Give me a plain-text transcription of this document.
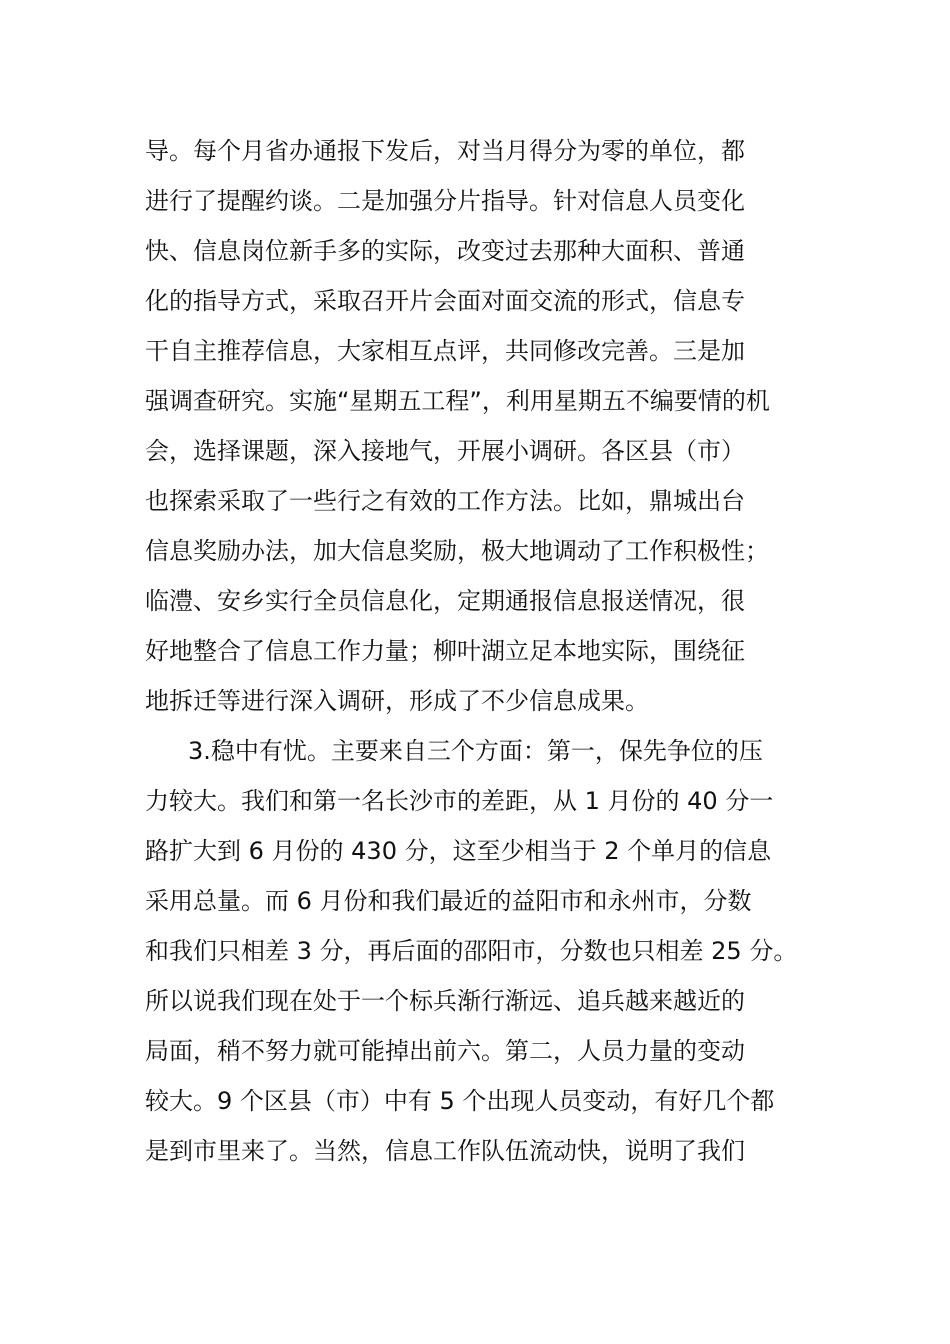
导。每个月省办通报下发后，对当月得分为零的单位，都
进行了提醒约谈。二是加强分片指导。针对信息人员变化
快、信息岗位新手多的实际，改变过去那种大面积、普通
化的指导方式，采取召开片会面对面交流的形式，信息专
干自主推荐信息，大家相互点评，共同修改完善。三是加
强调查研究。实施“星期五工程”，利用星期五不编要情的机
会，选择课题，深入接地气，开展小调研。各区县（市）
也探索采取了一些行之有效的工作方法。比如，鼎城出台
信息奖励办法，加大信息奖励，极大地调动了工作积极性；
临澧、安乡实行全员信息化，定期通报信息报送情况，很
好地整合了信息工作力量；柳叶湖立足本地实际，围绕征
地拆迁等进行深入调研，形成了不少信息成果。
3.稳中有忧。主要来自三个方面：第一，保先争位的压
力较大。我们和第一名长沙市的差距，从 1 月份的 40 分一
路扩大到 6 月份的 430 分，这至少相当于 2 个单月的信息
采用总量。而 6 月份和我们最近的益阳市和永州市，分数
和我们只相差 3 分，再后面的邵阳市，分数也只相差 25 分。
所以说我们现在处于一个标兵渐行渐远、追兵越来越近的
局面，稍不努力就可能掉出前六。第二，人员力量的变动
较大。9 个区县（市）中有 5 个出现人员变动，有好几个都
是到市里来了。当然，信息工作队伍流动快，说明了我们
